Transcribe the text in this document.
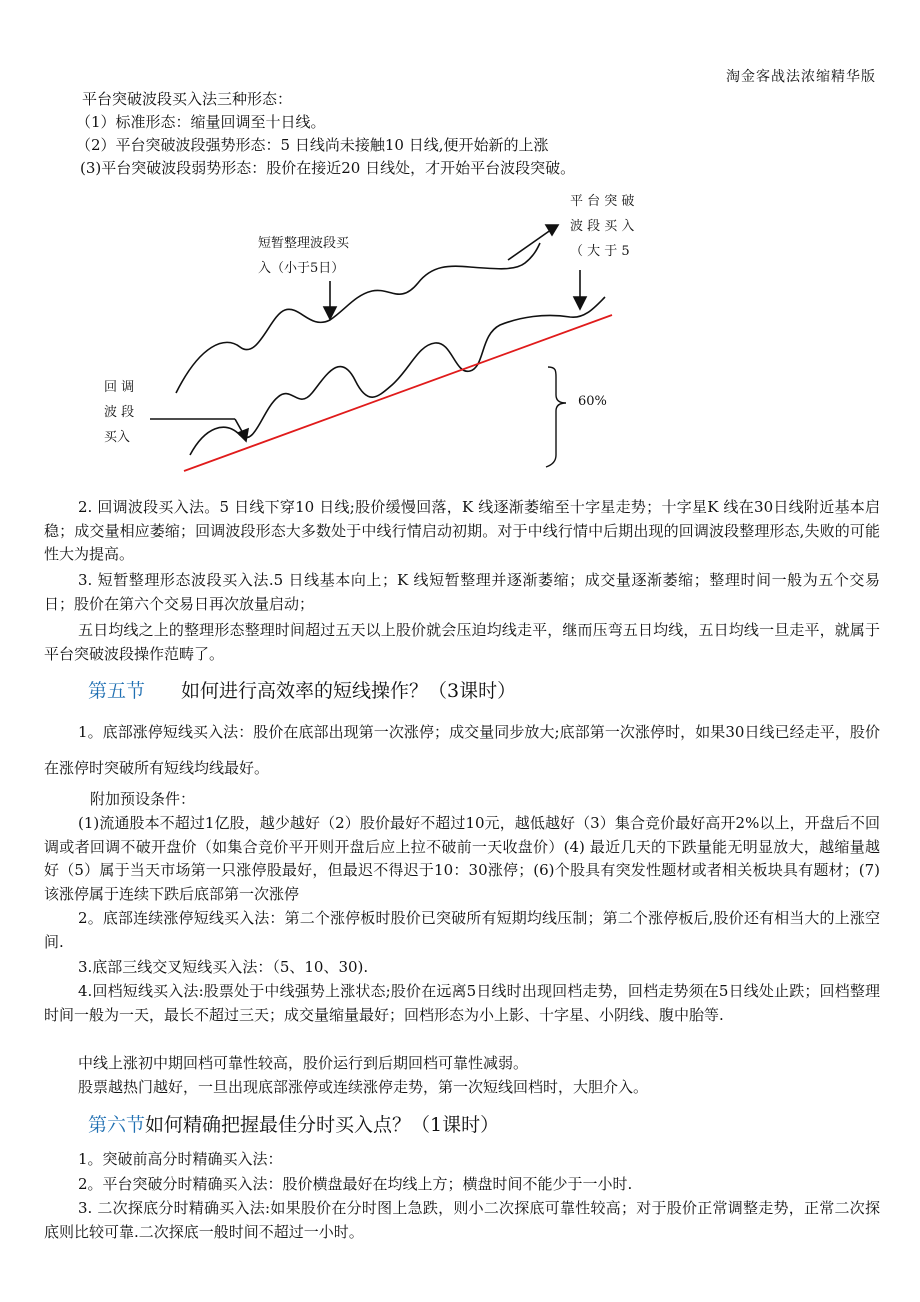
淘金客战法浓缩精华版
平台突破波段买入法三种形态：
（1）标准形态：缩量回调至十日线。
（2）平台突破波段强势形态：5 日线尚未接触10 日线,便开始新的上涨
(3)平台突破波段弱势形态：股价在接近20 日线处，才开始平台波段突破。
短暂整理波段买
入（小于5日）
平 台 突 破
波 段 买 入
（ 大 于 5
回 调
波 段
买入
60%
2. 回调波段买入法。5 日线下穿10 日线;股价缓慢回落，K 线逐渐萎缩至十字星走势；十字星K 线在30日线附近基本启稳；成交量相应萎缩；回调波段形态大多数处于中线行情启动初期。对于中线行情中后期出现的回调波段整理形态,失败的可能性大为提高。
3. 短暂整理形态波段买入法.5 日线基本向上；K 线短暂整理并逐渐萎缩；成交量逐渐萎缩；整理时间一般为五个交易日；股价在第六个交易日再次放量启动；
五日均线之上的整理形态整理时间超过五天以上股价就会压迫均线走平，继而压弯五日均线，五日均线一旦走平，就属于平台突破波段操作范畴了。
第五节 如何进行高效率的短线操作？（3课时）
1。底部涨停短线买入法：股价在底部出现第一次涨停；成交量同步放大;底部第一次涨停时，如果30日线已经走平，股价在涨停时突破所有短线均线最好。
附加预设条件：
(1)流通股本不超过1亿股，越少越好（2）股价最好不超过10元，越低越好（3）集合竞价最好高开2%以上，开盘后不回调或者回调不破开盘价（如集合竞价平开则开盘后应上拉不破前一天收盘价）(4) 最近几天的下跌量能无明显放大，越缩量越好（5）属于当天市场第一只涨停股最好，但最迟不得迟于10：30涨停；(6)个股具有突发性题材或者相关板块具有题材；(7)该涨停属于连续下跌后底部第一次涨停
2。底部连续涨停短线买入法：第二个涨停板时股价已突破所有短期均线压制；第二个涨停板后,股价还有相当大的上涨空间.
3.底部三线交叉短线买入法：（5、10、30).
4.回档短线买入法:股票处于中线强势上涨状态;股价在远离5日线时出现回档走势，回档走势须在5日线处止跌；回档整理时间一般为一天，最长不超过三天；成交量缩量最好；回档形态为小上影、十字星、小阴线、腹中胎等.
中线上涨初中期回档可靠性较高，股价运行到后期回档可靠性减弱。
股票越热门越好，一旦出现底部涨停或连续涨停走势，第一次短线回档时，大胆介入。
第六节如何精确把握最佳分时买入点？（1课时）
1。突破前高分时精确买入法：
2。平台突破分时精确买入法：股价横盘最好在均线上方；横盘时间不能少于一小时.
3. 二次探底分时精确买入法:如果股价在分时图上急跌，则小二次探底可靠性较高；对于股价正常调整走势，正常二次探底则比较可靠.二次探底一般时间不超过一小时。
